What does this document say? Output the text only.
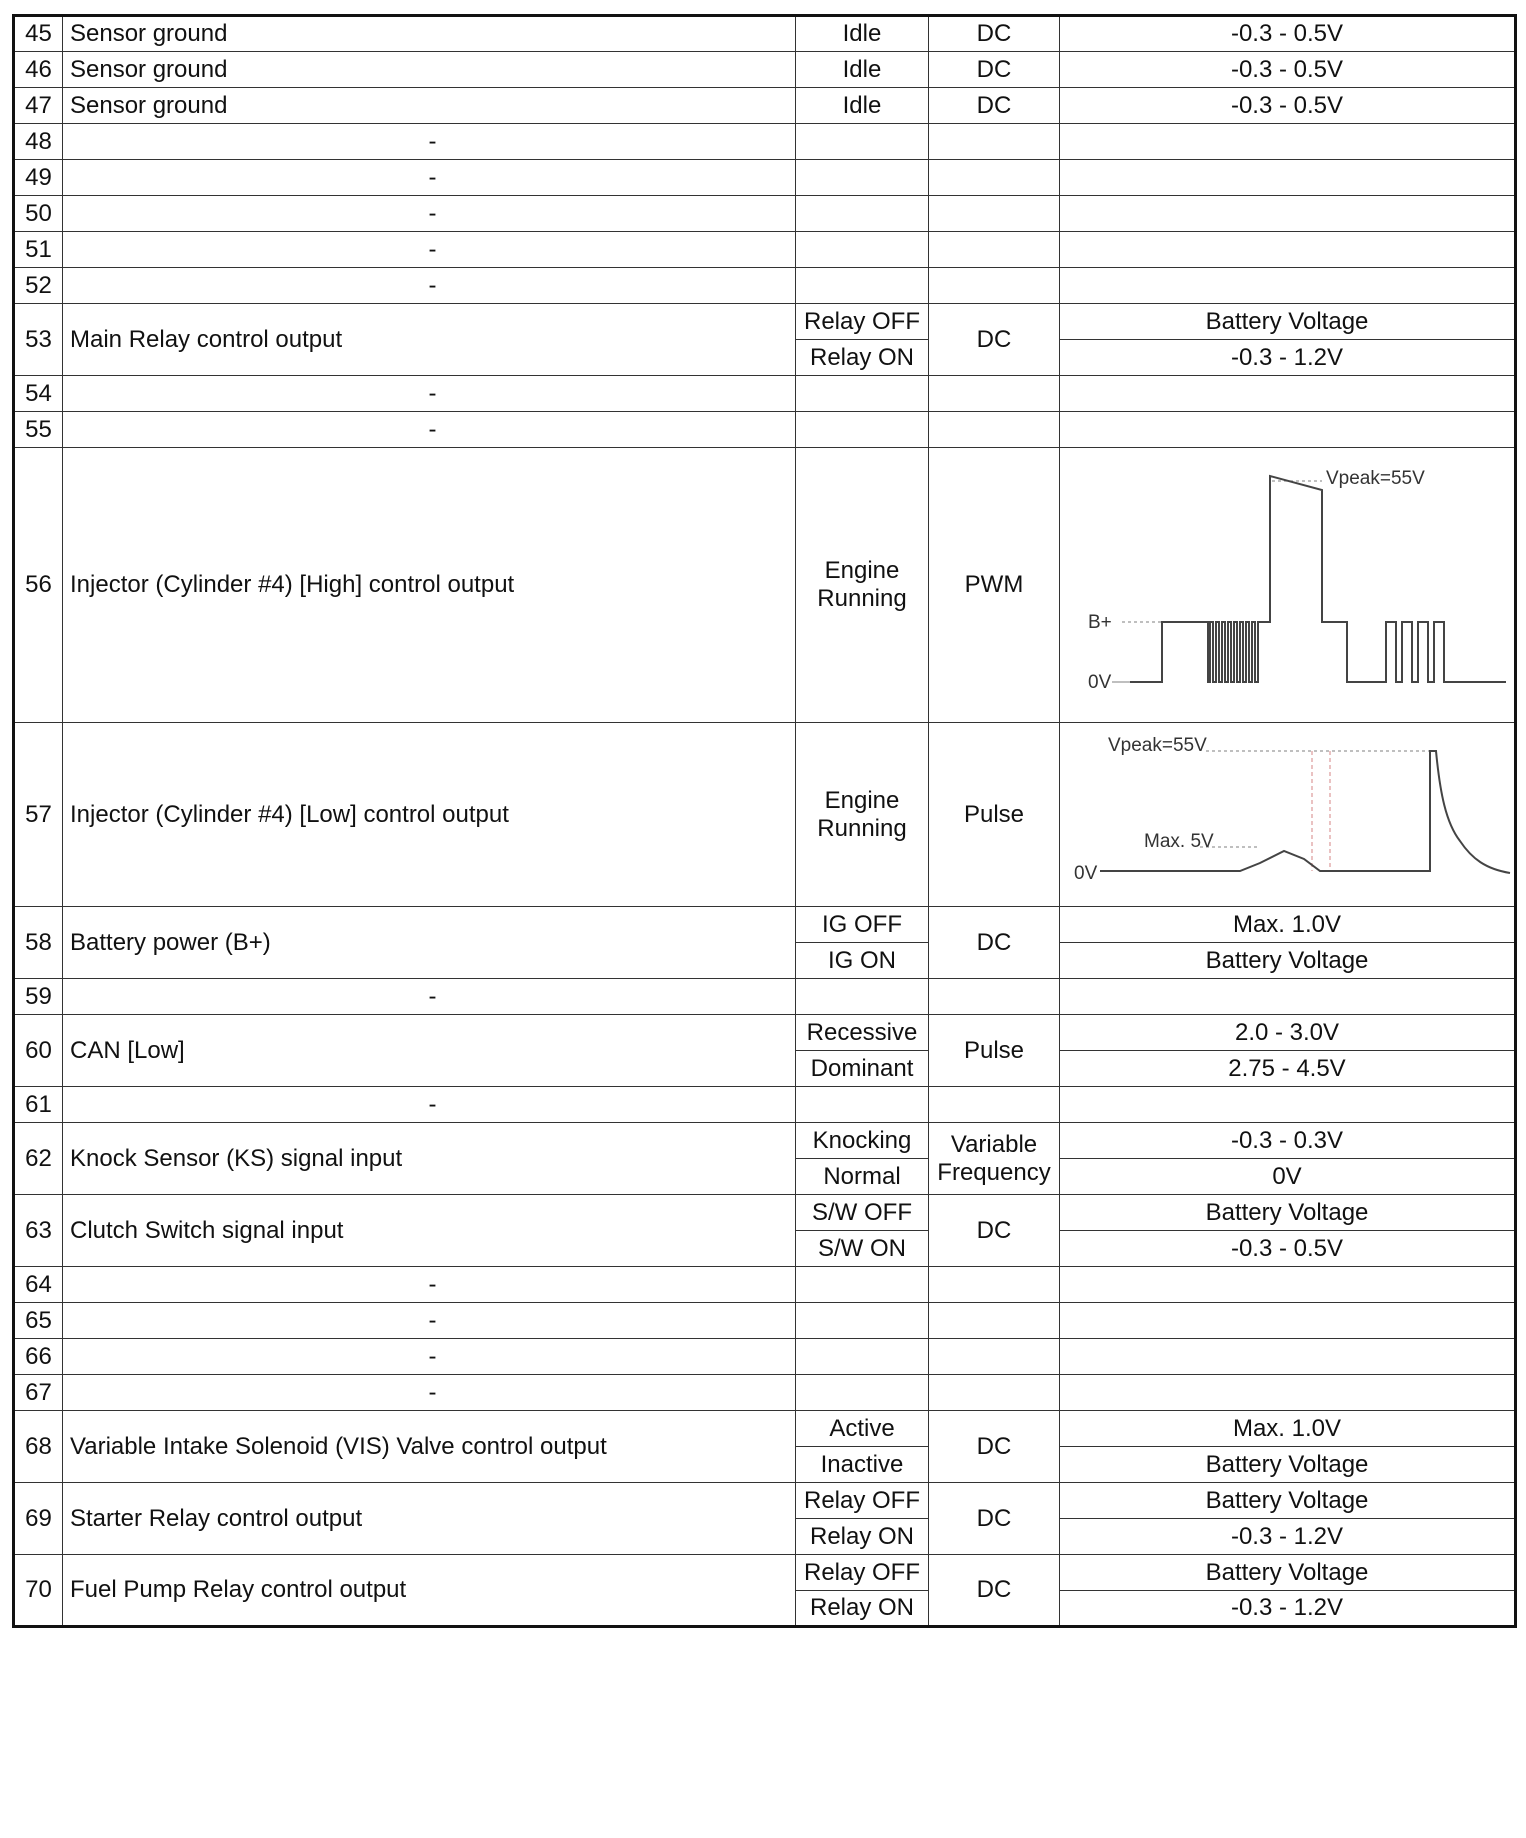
45	Sensor ground	Idle	DC	-0.3 - 0.5V
46	Sensor ground	Idle	DC	-0.3 - 0.5V
47	Sensor ground	Idle	DC	-0.3 - 0.5V
48	-			
49	-			
50	-			
51	-			
52	-			
53	Main Relay control output	Relay OFF	DC	Battery Voltage
		Relay ON		-0.3 - 1.2V
54	-			
55	-			
56	Injector (Cylinder #4) [High] control output	Engine Running	PWM	Vpeak=55V
B+
0V

57	Injector (Cylinder #4) [Low] control output	Engine Running	Pulse	Vpeak=55V
Max. 5V
0V

58	Battery power (B+)	IG OFF	DC	Max. 1.0V
		IG ON		Battery Voltage
59	-			
60	CAN [Low]	Recessive	Pulse	2.0 - 3.0V
		Dominant		2.75 - 4.5V
61	-			
62	Knock Sensor (KS) signal input	Knocking	Variable Frequency	-0.3 - 0.3V
		Normal		0V
63	Clutch Switch signal input	S/W OFF	DC	Battery Voltage
		S/W ON		-0.3 - 0.5V
64	-			
65	-			
66	-			
67	-			
68	Variable Intake Solenoid (VIS) Valve control output	Active	DC	Max. 1.0V
		Inactive		Battery Voltage
69	Starter Relay control output	Relay OFF	DC	Battery Voltage
		Relay ON		-0.3 - 1.2V
70	Fuel Pump Relay control output	Relay OFF	DC	Battery Voltage
		Relay ON		-0.3 - 1.2V
